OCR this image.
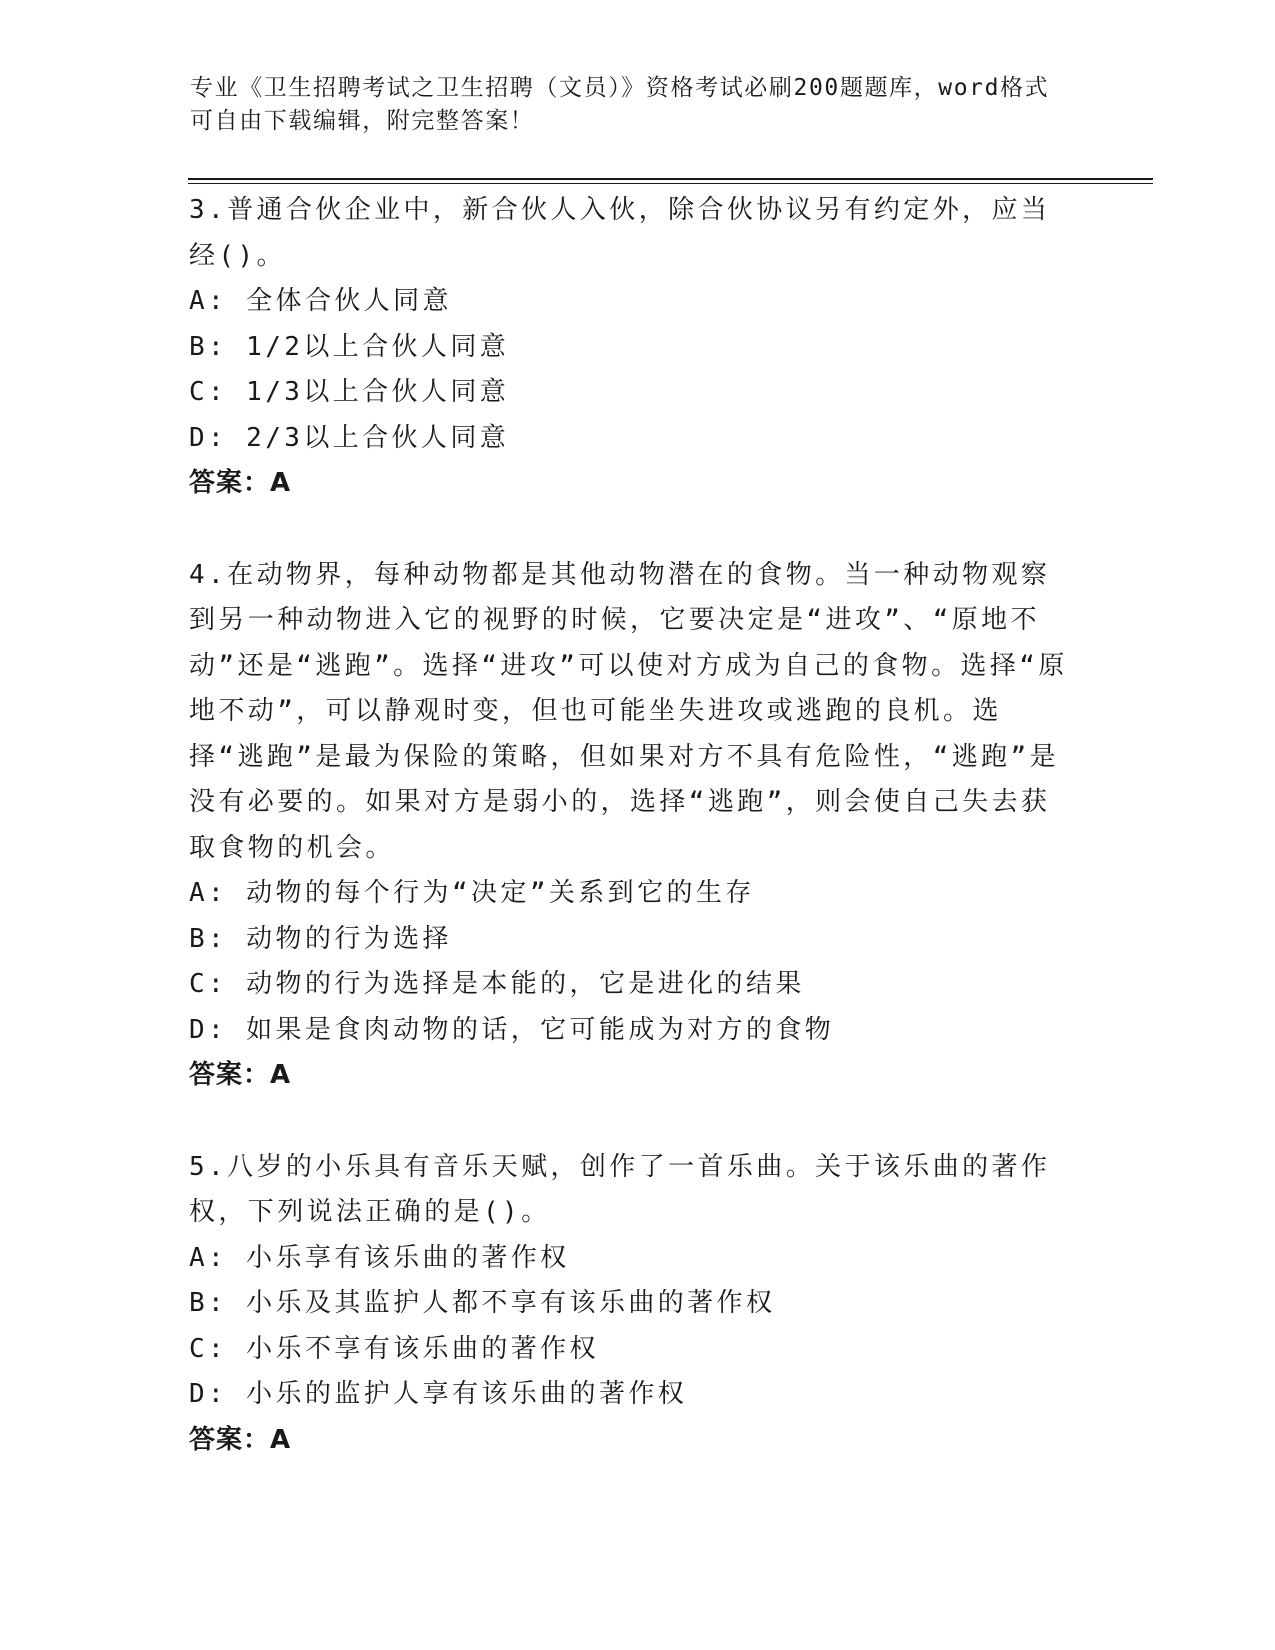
专业《卫生招聘考试之卫生招聘（文员）》资格考试必刷200题题库，word格式
可自由下载编辑，附完整答案！

3.普通合伙企业中，新合伙人入伙，除合伙协议另有约定外，应当经()。

A: 全体合伙人同意

B: 1/2以上合伙人同意

C: 1/3以上合伙人同意

D: 2/3以上合伙人同意

答案：A

4.在动物界，每种动物都是其他动物潜在的食物。当一种动物观察到另一种动物进入它的视野的时候，它要决定是“进攻”、“原地不动”还是“逃跑”。选择“进攻”可以使对方成为自己的食物。选择“原地不动”，可以静观时变，但也可能坐失进攻或逃跑的良机。选择“逃跑”是最为保险的策略，但如果对方不具有危险性，“逃跑”是没有必要的。如果对方是弱小的，选择“逃跑”，则会使自己失去获取食物的机会。

A: 动物的每个行为“决定”关系到它的生存

B: 动物的行为选择

C: 动物的行为选择是本能的，它是进化的结果

D: 如果是食肉动物的话，它可能成为对方的食物

答案：A

5.八岁的小乐具有音乐天赋，创作了一首乐曲。关于该乐曲的著作权，下列说法正确的是()。

A: 小乐享有该乐曲的著作权

B: 小乐及其监护人都不享有该乐曲的著作权

C: 小乐不享有该乐曲的著作权

D: 小乐的监护人享有该乐曲的著作权

答案：A
